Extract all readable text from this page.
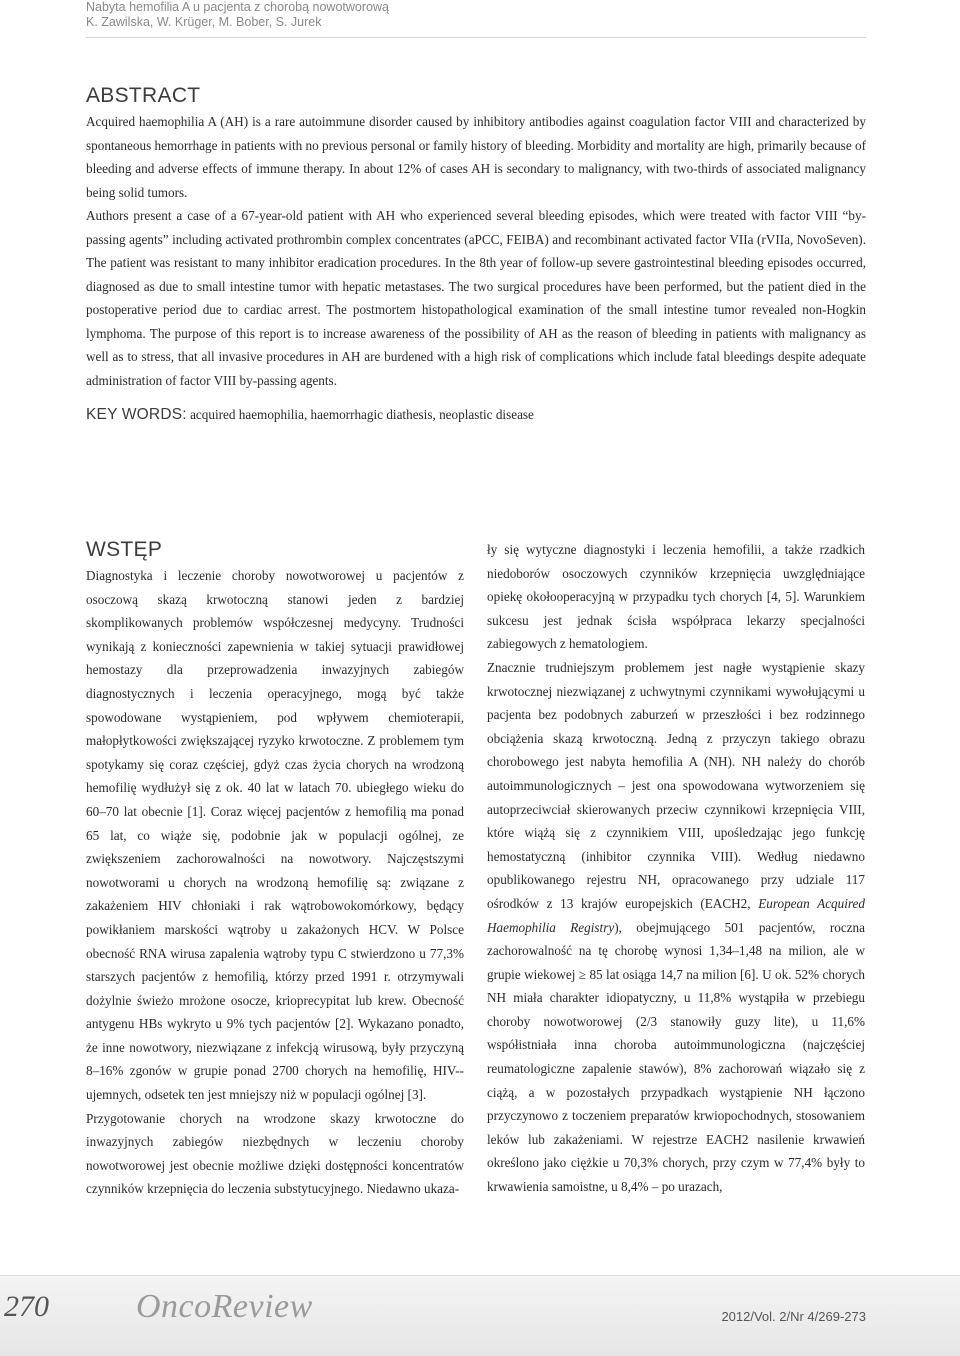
Nabyta hemofilia A u pacjenta z chorobą nowotworową
K. Zawilska, W. Krüger, M. Bober, S. Jurek
ABSTRACT

Acquired haemophilia A (AH) is a rare autoimmune disorder caused by inhibitory antibodies against coagulation factor VIII and characterized by spontaneous hemorrhage in patients with no previous personal or family history of bleeding. Morbidity and mortality are high, primarily because of bleeding and adverse effects of immune therapy. In about 12% of cases AH is secondary to malignancy, with two-thirds of associated malignancy being solid tumors.

Authors present a case of a 67-year-old patient with AH who experienced several bleeding episodes, which were treated with factor VIII “by-passing agents” including activated prothrombin complex concentrates (aPCC, FEIBA) and recombinant activated factor VIIa (rVIIa, NovoSeven). The patient was resistant to many inhibitor eradication procedures. In the 8th year of follow-up severe gastrointestinal bleeding episodes occurred, diagnosed as due to small intestine tumor with hepatic metastases. The two surgical procedures have been performed, but the patient died in the postoperative period due to cardiac arrest. The postmortem histopathological examination of the small intestine tumor revealed non-Hogkin lymphoma. The purpose of this report is to increase awareness of the possibility of AH as the reason of bleeding in patients with malignancy as well as to stress, that all invasive procedures in AH are burdened with a high risk of complications which include fatal bleedings despite adequate administration of factor VIII by-passing agents.

KEY WORDS: acquired haemophilia, haemorrhagic diathesis, neoplastic disease
WSTĘP

Diagnostyka i leczenie choroby nowotworowej u pacjentów z osoczową skazą krwotoczną stanowi jeden z bardziej skomplikowanych problemów współczesnej medycyny. Trudności wynikają z konieczności zapewnienia w takiej sytuacji prawidłowej hemostazy dla przeprowadzenia inwazyjnych zabiegów diagnostycznych i leczenia operacyjnego, mogą być także spowodowane wystąpieniem, pod wpływem chemioterapii, małopłytkowości zwiększającej ryzyko krwotoczne. Z problemem tym spotykamy się coraz częściej, gdyż czas życia chorych na wrodzoną hemofilię wydłużył się z ok. 40 lat w latach 70. ubiegłego wieku do 60–70 lat obecnie [1]. Coraz więcej pacjentów z hemofilią ma ponad 65 lat, co wiąże się, podobnie jak w populacji ogólnej, ze zwiększeniem zachorowalności na nowotwory. Najczęstszymi nowotworami u chorych na wrodzoną hemofilię są: związane z zakażeniem HIV chłoniaki i rak wątrobowokomórkowy, będący powikłaniem marskości wątroby u zakażonych HCV. W Polsce obecność RNA wirusa zapalenia wątroby typu C stwierdzono u 77,3% starszych pacjentów z hemofilią, którzy przed 1991 r. otrzymywali dożylnie świeżo mrożone osocze, krioprecypitat lub krew. Obecność antygenu HBs wykryto u 9% tych pacjentów [2]. Wykazano ponadto, że inne nowotwory, niezwiązane z infekcją wirusową, były przyczyną 8–16% zgonów w grupie ponad 2700 chorych na hemofilię, HIV--ujemnych, odsetek ten jest mniejszy niż w populacji ogólnej [3].

Przygotowanie chorych na wrodzone skazy krwotoczne do inwazyjnych zabiegów niezbędnych w leczeniu choroby nowotworowej jest obecnie możliwe dzięki dostępności koncentratów czynników krzepnięcia do leczenia substytucyjnego. Niedawno ukaza-

ły się wytyczne diagnostyki i leczenia hemofilii, a także rzadkich niedoborów osoczowych czynników krzepnięcia uwzględniające opiekę okołooperacyjną w przypadku tych chorych [4, 5]. Warunkiem sukcesu jest jednak ścisła współpraca lekarzy specjalności zabiegowych z hematologiem.

Znacznie trudniejszym problemem jest nagłe wystąpienie skazy krwotocznej niezwiązanej z uchwytnymi czynnikami wywołującymi u pacjenta bez podobnych zaburzeń w przeszłości i bez rodzinnego obciążenia skazą krwotoczną. Jedną z przyczyn takiego obrazu chorobowego jest nabyta hemofilia A (NH). NH należy do chorób autoimmunologicznych – jest ona spowodowana wytworzeniem się autoprzeciwciał skierowanych przeciw czynnikowi krzepnięcia VIII, które wiążą się z czynnikiem VIII, upośledzając jego funkcję hemostatyczną (inhibitor czynnika VIII). Według niedawno opublikowanego rejestru NH, opracowanego przy udziale 117 ośrodków z 13 krajów europejskich (EACH2, European Acquired Haemophilia Registry), obejmującego 501 pacjentów, roczna zachorowalność na tę chorobę wynosi 1,34–1,48 na milion, ale w grupie wiekowej ≥ 85 lat osiąga 14,7 na milion [6]. U ok. 52% chorych NH miała charakter idiopatyczny, u 11,8% wystąpiła w przebiegu choroby nowotworowej (2/3 stanowiły guzy lite), u 11,6% współistniała inna choroba autoimmunologiczna (najczęściej reumatologiczne zapalenie stawów), 8% zachorowań wiązało się z ciążą, a w pozostałych przypadkach wystąpienie NH łączono przyczynowo z toczeniem preparatów krwiopochodnych, stosowaniem leków lub zakażeniami. W rejestrze EACH2 nasilenie krwawień określono jako ciężkie u 70,3% chorych, przy czym w 77,4% były to krwawienia samoistne, u 8,4% – po urazach,

270	OncoReview	2012/Vol. 2/Nr 4/269-273
